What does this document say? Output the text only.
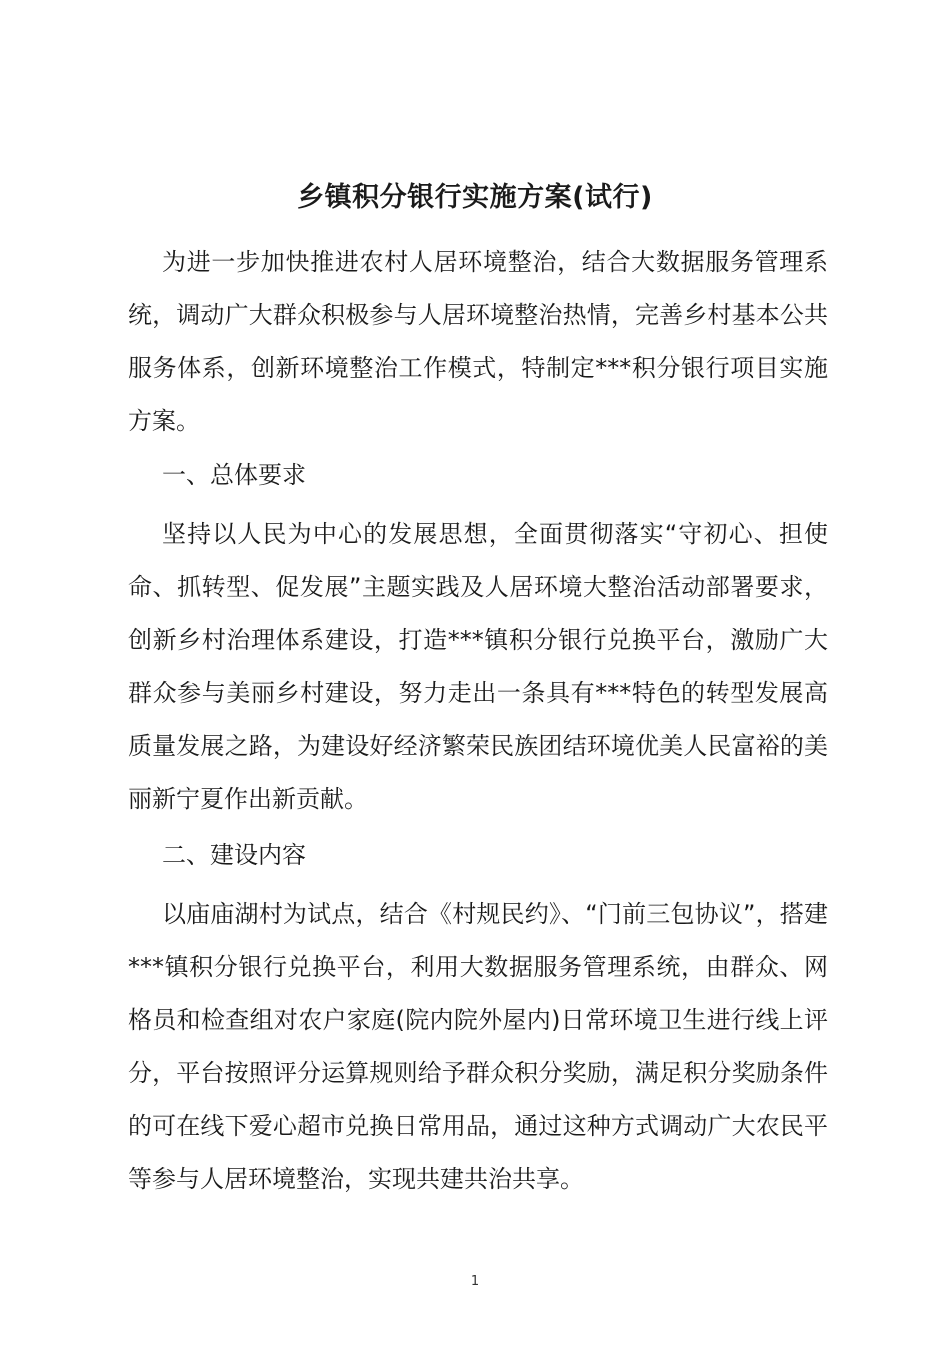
乡镇积分银行实施方案(试行)

为进一步加快推进农村人居环境整治，结合大数据服务管理系统，调动广大群众积极参与人居环境整治热情，完善乡村基本公共服务体系，创新环境整治工作模式，特制定***积分银行项目实施方案。

一、总体要求

坚持以人民为中心的发展思想，全面贯彻落实“守初心、担使命、抓转型、促发展”主题实践及人居环境大整治活动部署要求，创新乡村治理体系建设，打造***镇积分银行兑换平台，激励广大群众参与美丽乡村建设，努力走出一条具有***特色的转型发展高质量发展之路，为建设好经济繁荣民族团结环境优美人民富裕的美丽新宁夏作出新贡献。

二、建设内容

以庙庙湖村为试点，结合《村规民约》、“门前三包协议”，搭建***镇积分银行兑换平台，利用大数据服务管理系统，由群众、网格员和检查组对农户家庭(院内院外屋内)日常环境卫生进行线上评分，平台按照评分运算规则给予群众积分奖励，满足积分奖励条件的可在线下爱心超市兑换日常用品，通过这种方式调动广大农民平等参与人居环境整治，实现共建共治共享。

1
